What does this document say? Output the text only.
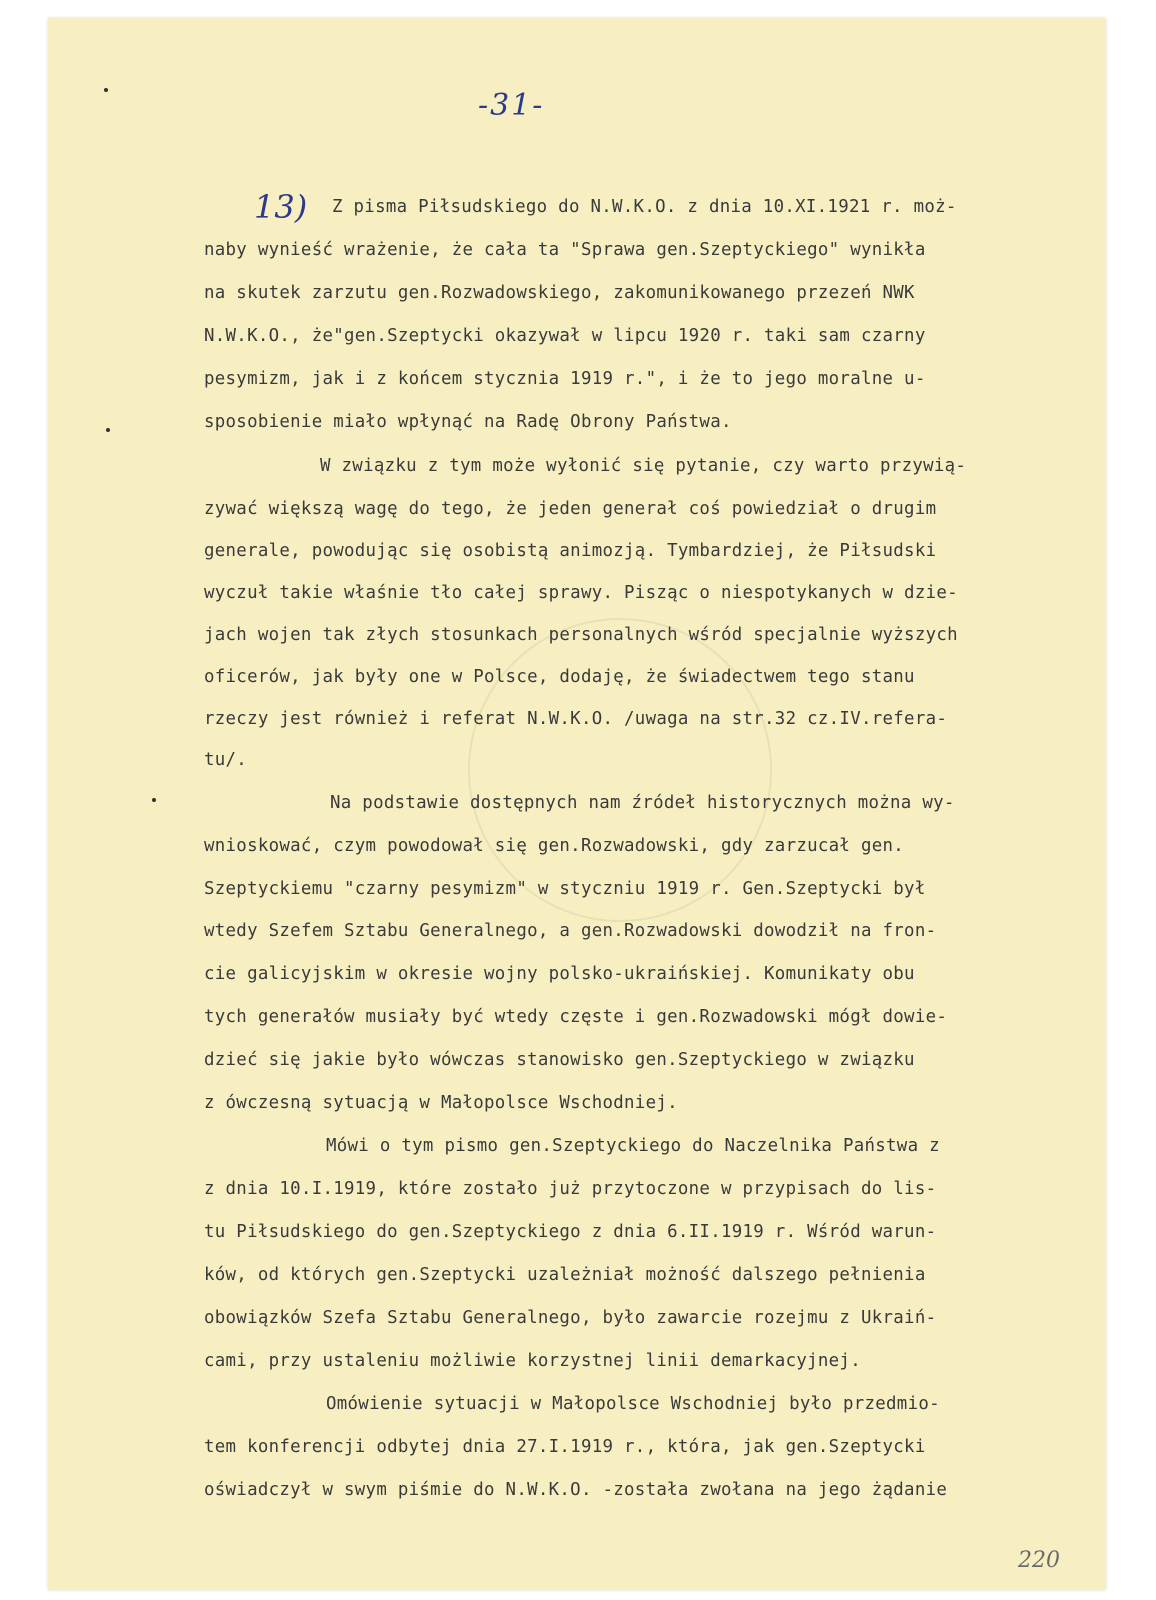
-31-
13) Z pisma Piłsudskiego do N.W.K.O. z dnia 10.XI.1921 r. moż-
naby wynieść wrażenie, że cała ta "Sprawa gen.Szeptyckiego" wynikła
na skutek zarzutu gen.Rozwadowskiego, zakomunikowanego przezeń NWK
N.W.K.O., że"gen.Szeptycki okazywał w lipcu 1920 r. taki sam czarny
pesymizm, jak i z końcem stycznia 1919 r.", i że to jego moralne u-
sposobienie miało wpłynąć na Radę Obrony Państwa.
W związku z tym może wyłonić się pytanie, czy warto przywią-
zywać większą wagę do tego, że jeden generał coś powiedział o drugim
generale, powodując się osobistą animozją. Tymbardziej, że Piłsudski
wyczuł takie właśnie tło całej sprawy. Pisząc o niespotykanych w dzie-
jach wojen tak złych stosunkach personalnych wśród specjalnie wyższych
oficerów, jak były one w Polsce, dodaję, że świadectwem tego stanu
rzeczy jest również i referat N.W.K.O. /uwaga na str.32 cz.IV.refera-
tu/.
Na podstawie dostępnych nam źródeł historycznych można wy-
wnioskować, czym powodował się gen.Rozwadowski, gdy zarzucał gen.
Szeptyckiemu "czarny pesymizm" w styczniu 1919 r. Gen.Szeptycki był
wtedy Szefem Sztabu Generalnego, a gen.Rozwadowski dowodził na fron-
cie galicyjskim w okresie wojny polsko-ukraińskiej. Komunikaty obu
tych generałów musiały być wtedy częste i gen.Rozwadowski mógł dowie-
dzieć się jakie było wówczas stanowisko gen.Szeptyckiego w związku
z ówczesną sytuacją w Małopolsce Wschodniej.
Mówi o tym pismo gen.Szeptyckiego do Naczelnika Państwa z
z dnia 10.I.1919, które zostało już przytoczone w przypisach do lis-
tu Piłsudskiego do gen.Szeptyckiego z dnia 6.II.1919 r. Wśród warun-
ków, od których gen.Szeptycki uzależniał możność dalszego pełnienia
obowiązków Szefa Sztabu Generalnego, było zawarcie rozejmu z Ukraiń-
cami, przy ustaleniu możliwie korzystnej linii demarkacyjnej.
Omówienie sytuacji w Małopolsce Wschodniej było przedmio-
tem konferencji odbytej dnia 27.I.1919 r., która, jak gen.Szeptycki
oświadczył w swym piśmie do N.W.K.O. -została zwołana na jego żądanie
220
